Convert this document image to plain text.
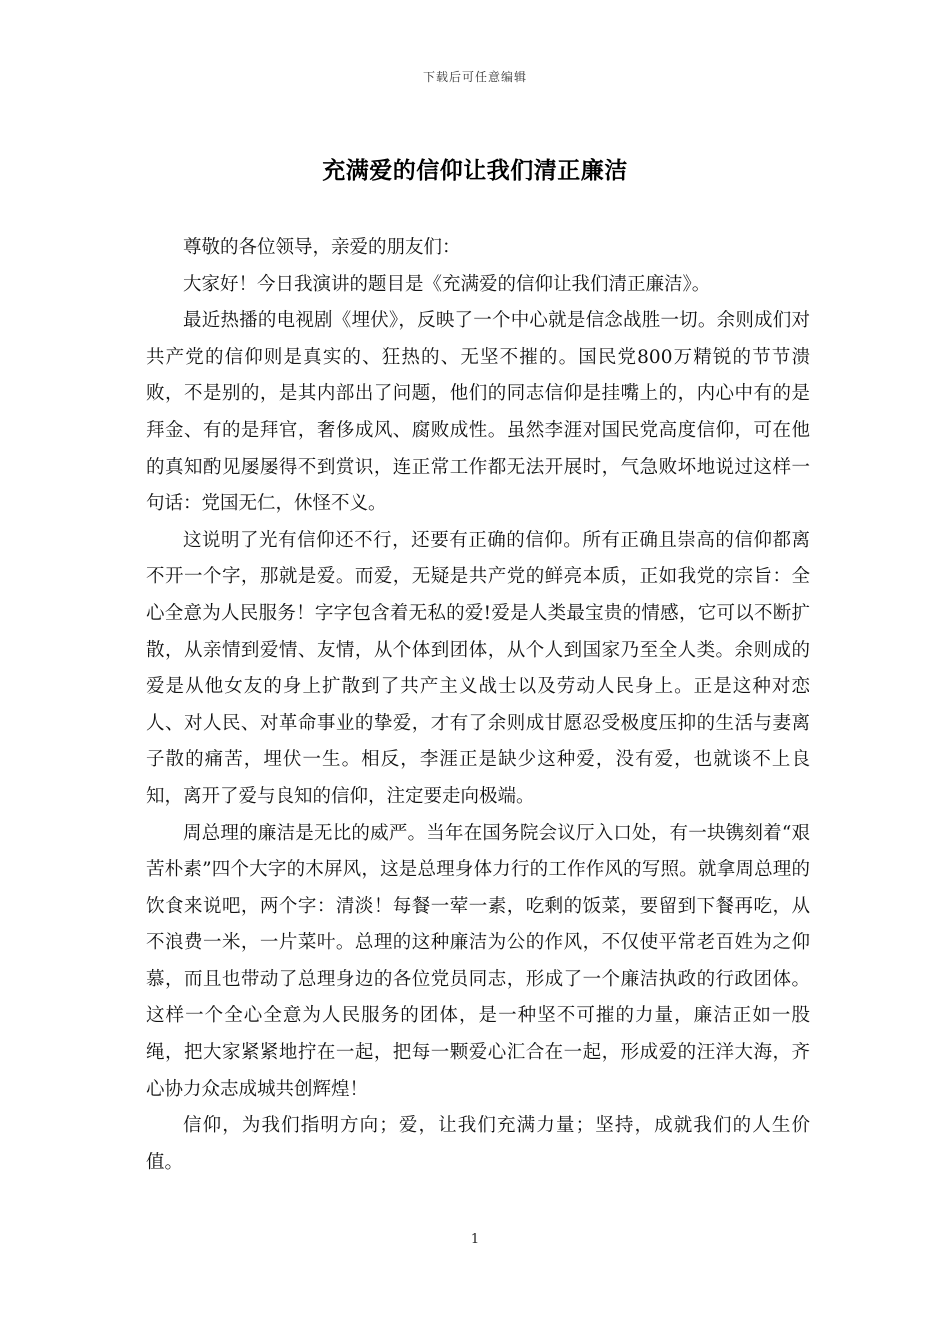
下载后可任意编辑
充满爱的信仰让我们清正廉洁

尊敬的各位领导，亲爱的朋友们：

大家好！今日我演讲的题目是《充满爱的信仰让我们清正廉洁》。

最近热播的电视剧《埋伏》，反映了一个中心就是信念战胜一切。余则成们对共产党的信仰则是真实的、狂热的、无坚不摧的。国民党800万精锐的节节溃败，不是别的，是其内部出了问题，他们的同志信仰是挂嘴上的，内心中有的是拜金、有的是拜官，奢侈成风、腐败成性。虽然李涯对国民党高度信仰，可在他的真知酌见屡屡得不到赏识，连正常工作都无法开展时，气急败坏地说过这样一句话：党国无仁，休怪不义。

这说明了光有信仰还不行，还要有正确的信仰。所有正确且崇高的信仰都离不开一个字，那就是爱。而爱，无疑是共产党的鲜亮本质，正如我党的宗旨：全心全意为人民服务！字字包含着无私的爱!爱是人类最宝贵的情感，它可以不断扩散，从亲情到爱情、友情，从个体到团体，从个人到国家乃至全人类。余则成的爱是从他女友的身上扩散到了共产主义战士以及劳动人民身上。正是这种对恋人、对人民、对革命事业的挚爱，才有了余则成甘愿忍受极度压抑的生活与妻离子散的痛苦，埋伏一生。相反，李涯正是缺少这种爱，没有爱，也就谈不上良知，离开了爱与良知的信仰，注定要走向极端。

周总理的廉洁是无比的威严。当年在国务院会议厅入口处，有一块镌刻着“艰苦朴素”四个大字的木屏风，这是总理身体力行的工作作风的写照。就拿周总理的饮食来说吧，两个字：清淡！每餐一荤一素，吃剩的饭菜，要留到下餐再吃，从不浪费一米，一片菜叶。总理的这种廉洁为公的作风，不仅使平常老百姓为之仰慕，而且也带动了总理身边的各位党员同志，形成了一个廉洁执政的行政团体。这样一个全心全意为人民服务的团体，是一种坚不可摧的力量，廉洁正如一股绳，把大家紧紧地拧在一起，把每一颗爱心汇合在一起，形成爱的汪洋大海，齐心协力众志成城共创辉煌！

信仰，为我们指明方向；爱，让我们充满力量；坚持，成就我们的人生价值。

1
